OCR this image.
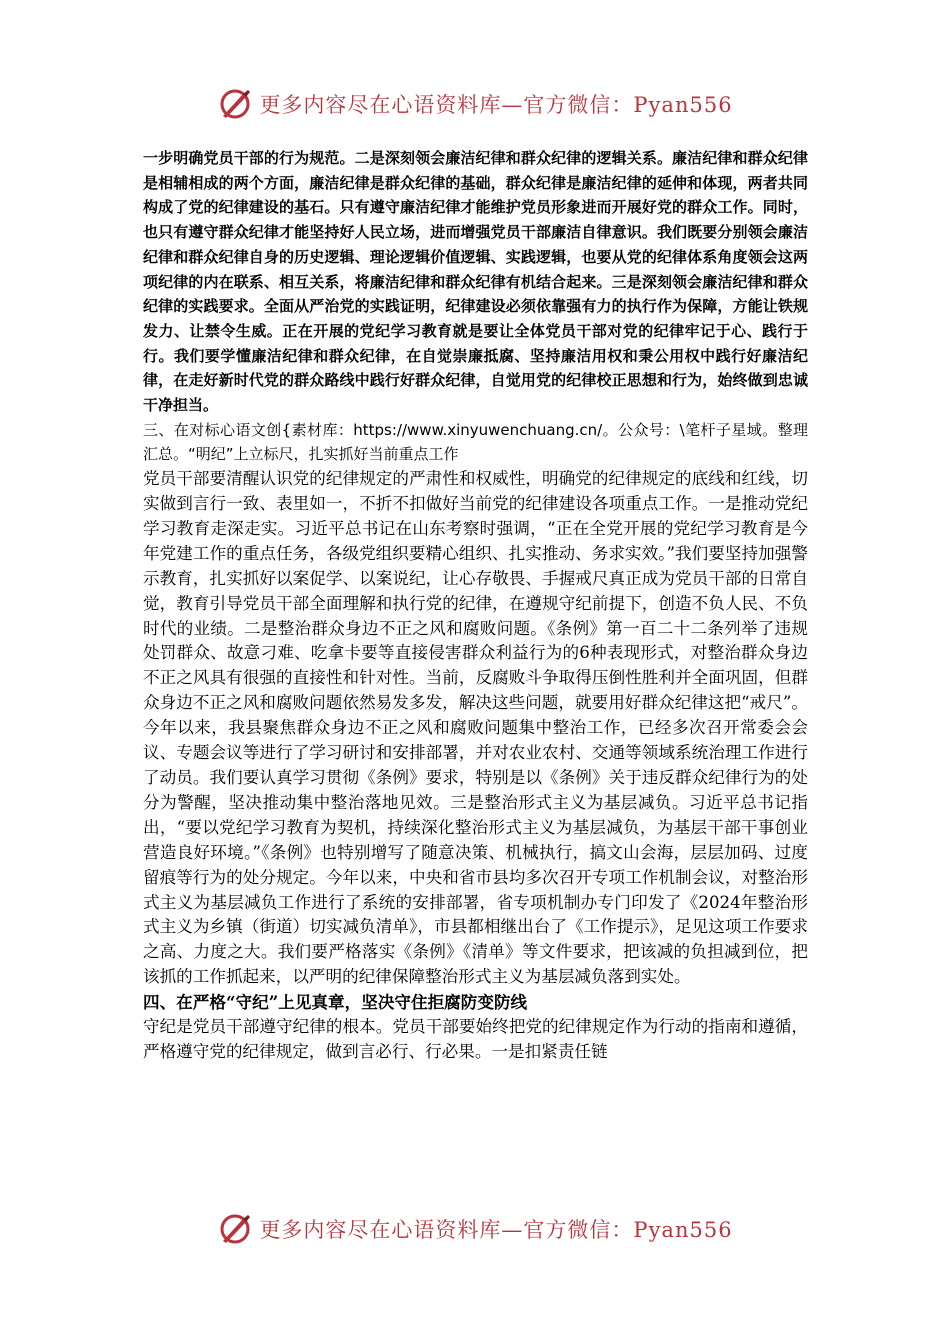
更多内容尽在心语资料库—官方微信：Pyan556

一步明确党员干部的行为规范。二是深刻领会廉洁纪律和群众纪律的逻辑关系。廉洁纪律和群众纪律是相辅相成的两个方面，廉洁纪律是群众纪律的基础，群众纪律是廉洁纪律的延伸和体现，两者共同构成了党的纪律建设的基石。只有遵守廉洁纪律才能维护党员形象进而开展好党的群众工作。同时，也只有遵守群众纪律才能坚持好人民立场，进而增强党员干部廉洁自律意识。我们既要分别领会廉洁纪律和群众纪律自身的历史逻辑、理论逻辑价值逻辑、实践逻辑，也要从党的纪律体系角度领会这两项纪律的内在联系、相互关系，将廉洁纪律和群众纪律有机结合起来。三是深刻领会廉洁纪律和群众纪律的实践要求。全面从严治党的实践证明，纪律建设必须依靠强有力的执行作为保障，方能让铁规发力、让禁令生威。正在开展的党纪学习教育就是要让全体党员干部对党的纪律牢记于心、践行于行。我们要学懂廉洁纪律和群众纪律，在自觉崇廉抵腐、坚持廉洁用权和秉公用权中践行好廉洁纪律，在走好新时代党的群众路线中践行好群众纪律，自觉用党的纪律校正思想和行为，始终做到忠诚干净担当。

三、在对标心语文创{素材库：https://www.xinyuwenchuang.cn/。公众号：\笔杆子星域。整理汇总。“明纪”上立标尺，扎实抓好当前重点工作

党员干部要清醒认识党的纪律规定的严肃性和权威性，明确党的纪律规定的底线和红线，切实做到言行一致、表里如一，不折不扣做好当前党的纪律建设各项重点工作。一是推动党纪学习教育走深走实。习近平总书记在山东考察时强调，“正在全党开展的党纪学习教育是今年党建工作的重点任务，各级党组织要精心组织、扎实推动、务求实效。”我们要坚持加强警示教育，扎实抓好以案促学、以案说纪，让心存敬畏、手握戒尺真正成为党员干部的日常自觉，教育引导党员干部全面理解和执行党的纪律，在遵规守纪前提下，创造不负人民、不负时代的业绩。二是整治群众身边不正之风和腐败问题。《条例》第一百二十二条列举了违规处罚群众、故意刁难、吃拿卡要等直接侵害群众利益行为的6种表现形式，对整治群众身边不正之风具有很强的直接性和针对性。当前，反腐败斗争取得压倒性胜利并全面巩固，但群众身边不正之风和腐败问题依然易发多发，解决这些问题，就要用好群众纪律这把“戒尺”。今年以来，我县聚焦群众身边不正之风和腐败问题集中整治工作，已经多次召开常委会会议、专题会议等进行了学习研讨和安排部署，并对农业农村、交通等领域系统治理工作进行了动员。我们要认真学习贯彻《条例》要求，特别是以《条例》关于违反群众纪律行为的处分为警醒，坚决推动集中整治落地见效。三是整治形式主义为基层减负。习近平总书记指出，“要以党纪学习教育为契机，持续深化整治形式主义为基层减负，为基层干部干事创业营造良好环境。”《条例》也特别增写了随意决策、机械执行，搞文山会海，层层加码、过度留痕等行为的处分规定。今年以来，中央和省市县均多次召开专项工作机制会议，对整治形式主义为基层减负工作进行了系统的安排部署，省专项机制办专门印发了《2024年整治形式主义为乡镇（街道）切实减负清单》，市县都相继出台了《工作提示》，足见这项工作要求之高、力度之大。我们要严格落实《条例》《清单》等文件要求，把该减的负担减到位，把该抓的工作抓起来，以严明的纪律保障整治形式主义为基层减负落到实处。

四、在严格“守纪”上见真章，坚决守住拒腐防变防线

守纪是党员干部遵守纪律的根本。党员干部要始终把党的纪律规定作为行动的指南和遵循，严格遵守党的纪律规定，做到言必行、行必果。一是扣紧责任链

更多内容尽在心语资料库—官方微信：Pyan556
